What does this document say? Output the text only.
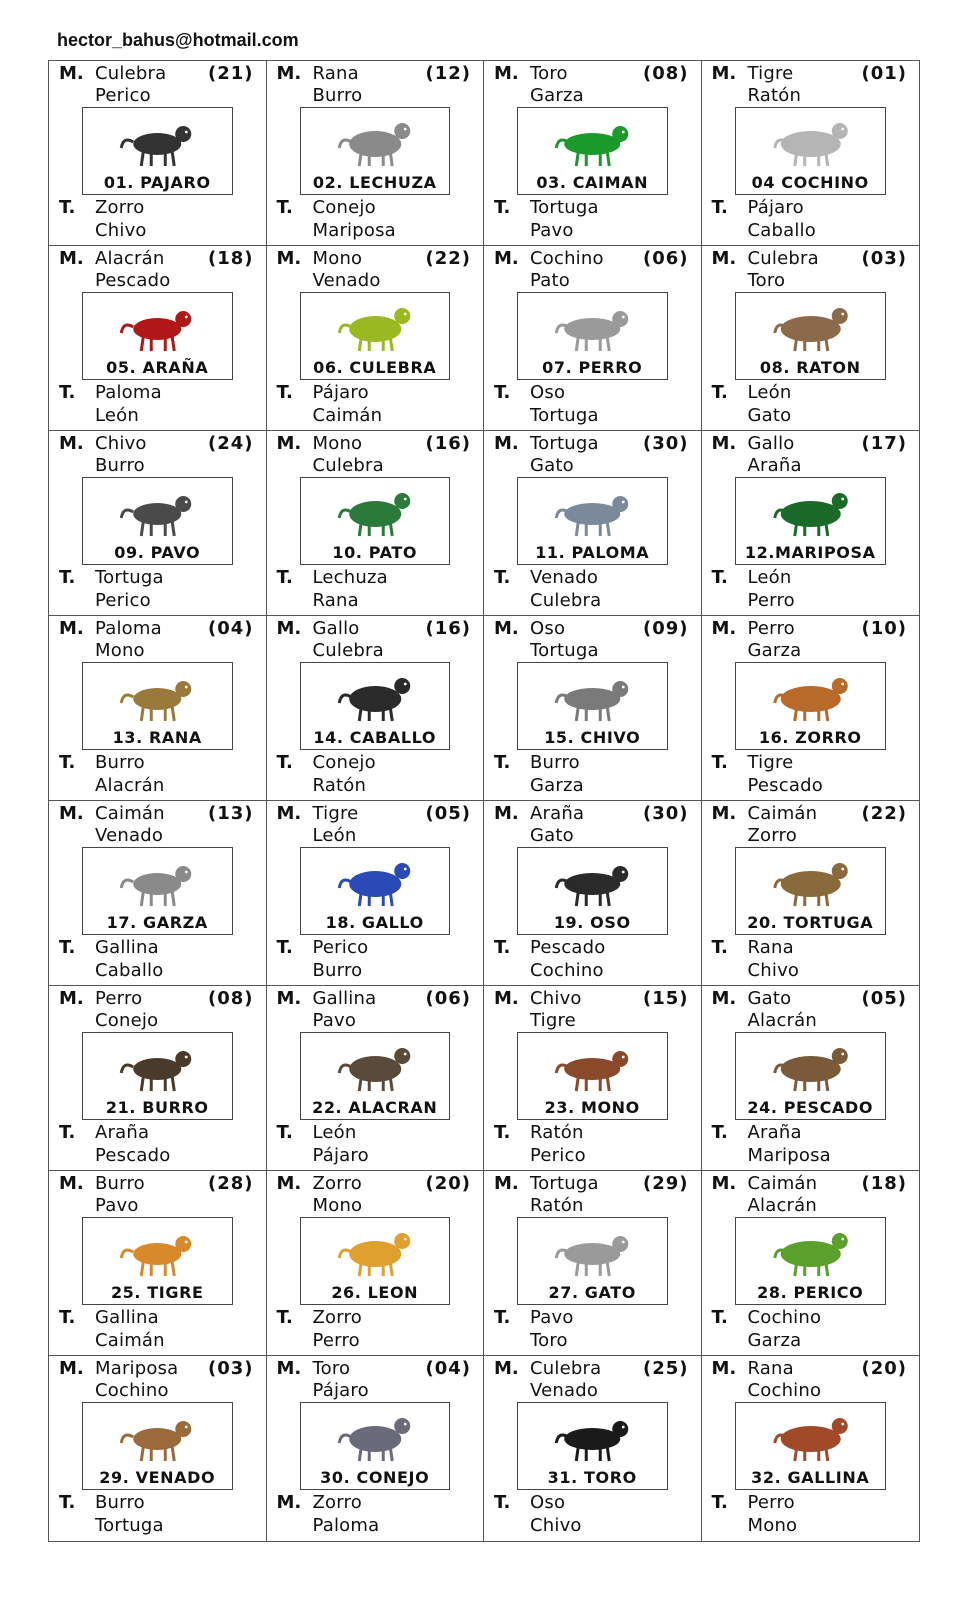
hector_bahus@hotmail.com
M. Culebra (21)
Perico
01. PAJARO
T. Zorro
Chivo
M. Rana	(12)
Burro
02. LECHUZA
T. Conejo
Mariposa
M. Toro	(08)
Garza
03. CAIMAN
T. Tortuga
Pavo
M. Tigre	(01)
Ratón
04 COCHINO
T. Pájaro
Caballo
M. Alacrán (18)
Pescado
05. ARAÑA
T. Paloma
León
M. Mono	(22)
Venado
06. CULEBRA
T. Pájaro
Caimán
M. Cochino (06)
Pato
07. PERRO
T. Oso
Tortuga
M. Culebra (03)
Toro
08. RATON
T. León
Gato
M. Chivo	(24)
Burro
09. PAVO
T. Tortuga
Perico
M. Mono	(16)
Culebra
10. PATO
T. Lechuza
Rana
M. Tortuga (30)
Gato
11. PALOMA
T. Venado
Culebra
M. Gallo	(17)
Araña
12.MARIPOSA
T. León
Perro
M. Paloma	(04)
Mono
13. RANA
T. Burro
Alacrán
M. Gallo	(16)
Culebra
14. CABALLO
T. Conejo
Ratón
M. Oso	(09)
Tortuga
15. CHIVO
T. Burro
Garza
M. Perro	(10)
Garza
16. ZORRO
T. Tigre
Pescado
M. Caimán (13)
Venado
17. GARZA
T. Gallina
Caballo
M. Tigre	(05)
León
18. GALLO
T. Perico
Burro
M. Araña	(30)
Gato
19. OSO
T. Pescado
Cochino
M. Caimán (22)
Zorro
20. TORTUGA
T. Rana
Chivo
M. Perro	(08)
Conejo
21. BURRO
T. Araña
Pescado
M. Gallina	(06)
Pavo
22. ALACRAN
T. León
Pájaro
M. Chivo	(15)
Tigre
23. MONO
T. Ratón
Perico
M. Gato	(05)
Alacrán
24. PESCADO
T. Araña
Mariposa
M. Burro	(28)
Pavo
25. TIGRE
T. Gallina
Caimán
M. Zorro	(20)
Mono
26. LEON
T. Zorro
Perro
M. Tortuga (29)
Ratón
27. GATO
T. Pavo
Toro
M. Caimán (18)
Alacrán
28. PERICO
T. Cochino
Garza
M. Mariposa (03)
Cochino
29. VENADO
T. Burro
Tortuga
M. Toro	(04)
Pájaro
30. CONEJO
M. Zorro
Paloma
M. Culebra (25)
Venado
31. TORO
T. Oso
Chivo
M. Rana	(20)
Cochino
32. GALLINA
T. Perro
Mono
